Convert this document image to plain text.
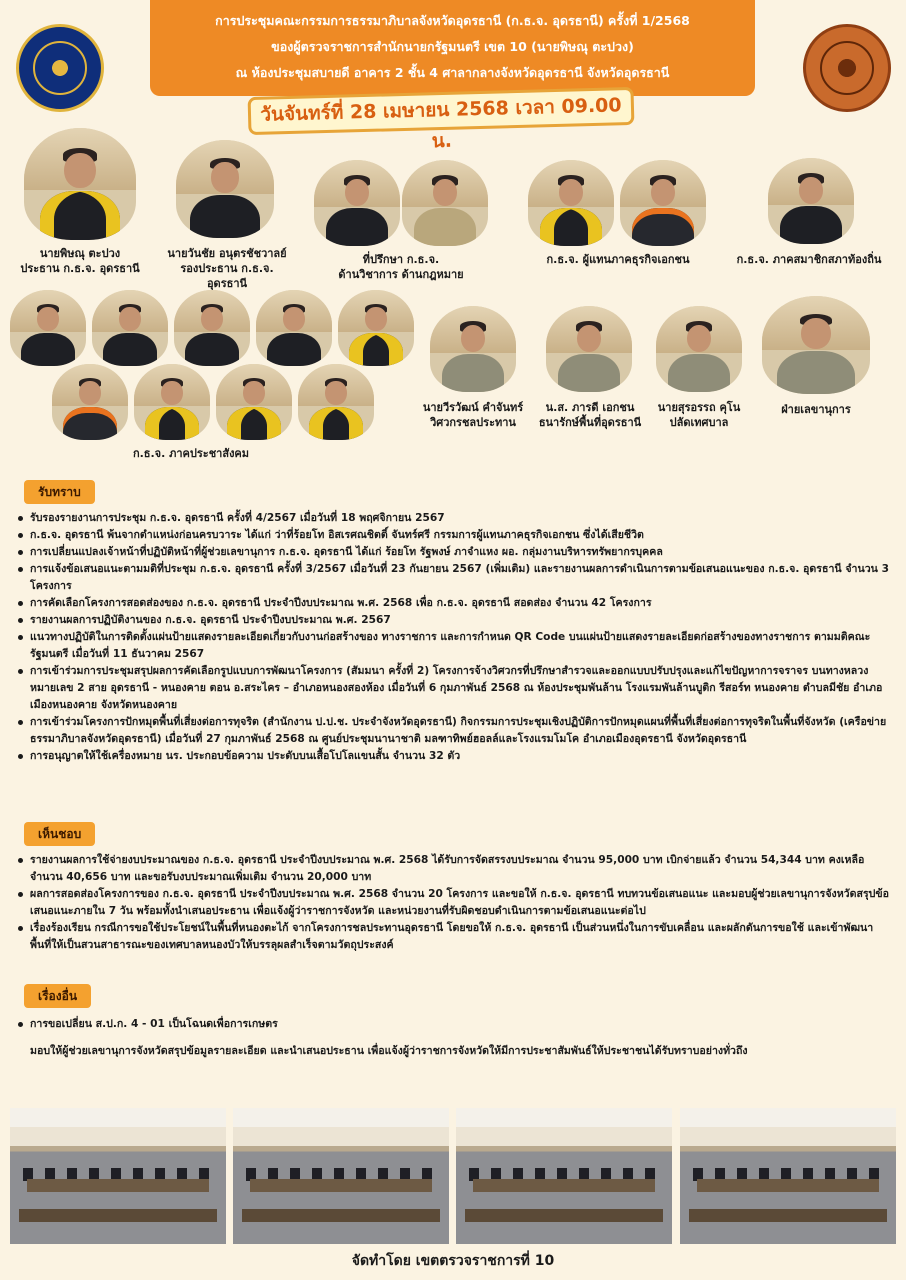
การประชุมคณะกรรมการธรรมาภิบาลจังหวัดอุดรธานี (ก.ธ.จ. อุดรธานี) ครั้งที่ 1/2568
ของผู้ตรวจราชการสำนักนายกรัฐมนตรี เขต 10 (นายพิษณุ ตะปวง)
ณ ห้องประชุมสบายดี อาคาร 2 ชั้น 4 ศาลากลางจังหวัดอุดรธานี จังหวัดอุดรธานี
วันจันทร์ที่ 28 เมษายน 2568 เวลา 09.00 น.
นายพิษณุ ตะปวง
ประธาน ก.ธ.จ. อุดรธานี
นายวันชัย อนุตรชัชวาลย์
รองประธาน ก.ธ.จ.
อุดรธานี
ที่ปรึกษา ก.ธ.จ.
ด้านวิชาการ ด้านกฎหมาย
ก.ธ.จ. ผู้แทนภาคธุรกิจเอกชน	ก.ธ.จ. ภาคสมาชิกสภาท้องถิ่น
ก.ธ.จ. ภาคประชาสังคม
นายวีรวัฒน์ คำจันทร์
วิศวกรชลประทาน
น.ส. ภารดี เอกชน
ธนารักษ์พื้นที่อุดรธานี
นายสุรอรรถ คุโน
ปลัดเทศบาล
ฝ่ายเลขานุการ
รับทราบ
รับรองรายงานการประชุม ก.ธ.จ. อุดรธานี ครั้งที่ 4/2567 เมื่อวันที่ 18 พฤศจิกายน 2567
ก.ธ.จ. อุดรธานี พ้นจากตำแหน่งก่อนครบวาระ ได้แก่ ว่าที่ร้อยโท อิสเรศณชิตติ์ จันทร์ศรี กรรมการผู้แทนภาคธุรกิจเอกชน ซึ่งได้เสียชีวิต
การเปลี่ยนแปลงเจ้าหน้าที่ปฏิบัติหน้าที่ผู้ช่วยเลขานุการ ก.ธ.จ. อุดรธานี ได้แก่ ร้อยโท รัฐพงษ์ ภาจำแหง ผอ. กลุ่มงานบริหารทรัพยากรบุคคล
การแจ้งข้อเสนอแนะตามมติที่ประชุม ก.ธ.จ. อุดรธานี ครั้งที่ 3/2567 เมื่อวันที่ 23 กันยายน 2567 (เพิ่มเติม) และรายงานผลการดำเนินการตามข้อเสนอแนะของ ก.ธ.จ. อุดรธานี จำนวน 3 โครงการ
การคัดเลือกโครงการสอดส่องของ ก.ธ.จ. อุดรธานี ประจำปีงบประมาณ พ.ศ. 2568 เพื่อ ก.ธ.จ. อุดรธานี สอดส่อง จำนวน 42 โครงการ
รายงานผลการปฏิบัติงานของ ก.ธ.จ. อุดรธานี ประจำปีงบประมาณ พ.ศ. 2567
แนวทางปฏิบัติในการติดตั้งแผ่นป้ายแสดงรายละเอียดเกี่ยวกับงานก่อสร้างของ ทางราชการ และการกำหนด QR Code บนแผ่นป้ายแสดงรายละเอียดก่อสร้างของทางราชการ ตามมติคณะรัฐมนตรี เมื่อวันที่ 11 ธันวาคม 2567
การเข้าร่วมการประชุมสรุปผลการคัดเลือกรูปแบบการพัฒนาโครงการ (สัมมนา ครั้งที่ 2) โครงการจ้างวิศวกรที่ปรึกษาสำรวจและออกแบบปรับปรุงและแก้ไขปัญหาการจราจร บนทางหลวงหมายเลข 2 สาย อุดรธานี - หนองคาย ตอน อ.สระไคร – อำเภอหนองสองห้อง เมื่อวันที่ 6 กุมภาพันธ์ 2568 ณ ห้องประชุมพันล้าน โรงแรมพันล้านบูติก รีสอร์ท หนองคาย ตำบลมีชัย อำเภอเมืองหนองคาย จังหวัดหนองคาย
การเข้าร่วมโครงการปักหมุดพื้นที่เสี่ยงต่อการทุจริต (สำนักงาน ป.ป.ช. ประจำจังหวัดอุดรธานี) กิจกรรมการประชุมเชิงปฏิบัติการปักหมุดแผนที่พื้นที่เสี่ยงต่อการทุจริตในพื้นที่จังหวัด (เครือข่ายธรรมาภิบาลจังหวัดอุดรธานี) เมื่อวันที่ 27 กุมภาพันธ์ 2568 ณ ศูนย์ประชุมนานาชาติ มลฑาทิพย์ฮอลล์และโรงแรมโมโค อำเภอเมืองอุดรธานี จังหวัดอุดรธานี
การอนุญาตให้ใช้เครื่องหมาย นร. ประกอบข้อความ ประดับบนเสื้อโปโลแขนสั้น จำนวน 32 ตัว
เห็นชอบ
รายงานผลการใช้จ่ายงบประมาณของ ก.ธ.จ. อุดรธานี ประจำปีงบประมาณ พ.ศ. 2568 ได้รับการจัดสรรงบประมาณ จำนวน 95,000 บาท เบิกจ่ายแล้ว จำนวน 54,344 บาท คงเหลือ จำนวน 40,656 บาท และขอรับงบประมาณเพิ่มเติม จำนวน 20,000 บาท
ผลการสอดส่องโครงการของ ก.ธ.จ. อุดรธานี ประจำปีงบประมาณ พ.ศ. 2568 จำนวน 20 โครงการ และขอให้ ก.ธ.จ. อุดรธานี ทบทวนข้อเสนอแนะ และมอบผู้ช่วยเลขานุการจังหวัดสรุปข้อเสนอแนะภายใน 7 วัน พร้อมทั้งนำเสนอประธาน เพื่อแจ้งผู้ว่าราชการจังหวัด และหน่วยงานที่รับผิดชอบดำเนินการตามข้อเสนอแนะต่อไป
เรื่องร้องเรียน กรณีการขอใช้ประโยชน์ในพื้นที่หนองตะไก้ จากโครงการชลประทานอุดรธานี โดยขอให้ ก.ธ.จ. อุดรธานี เป็นส่วนหนึ่งในการขับเคลื่อน และผลักดันการขอใช้ และเข้าพัฒนาพื้นที่ให้เป็นสวนสาธารณะของเทศบาลหนองบัวให้บรรลุผลสำเร็จตามวัตถุประสงค์
เรื่องอื่น
การขอเปลี่ยน ส.ป.ก. 4 - 01 เป็นโฉนดเพื่อการเกษตร
มอบให้ผู้ช่วยเลขานุการจังหวัดสรุปข้อมูลรายละเอียด และนำเสนอประธาน เพื่อแจ้งผู้ว่าราชการจังหวัดให้มีการประชาสัมพันธ์ให้ประชาชนได้รับทราบอย่างทั่วถึง
จัดทำโดย เขตตรวจราชการที่ 10
